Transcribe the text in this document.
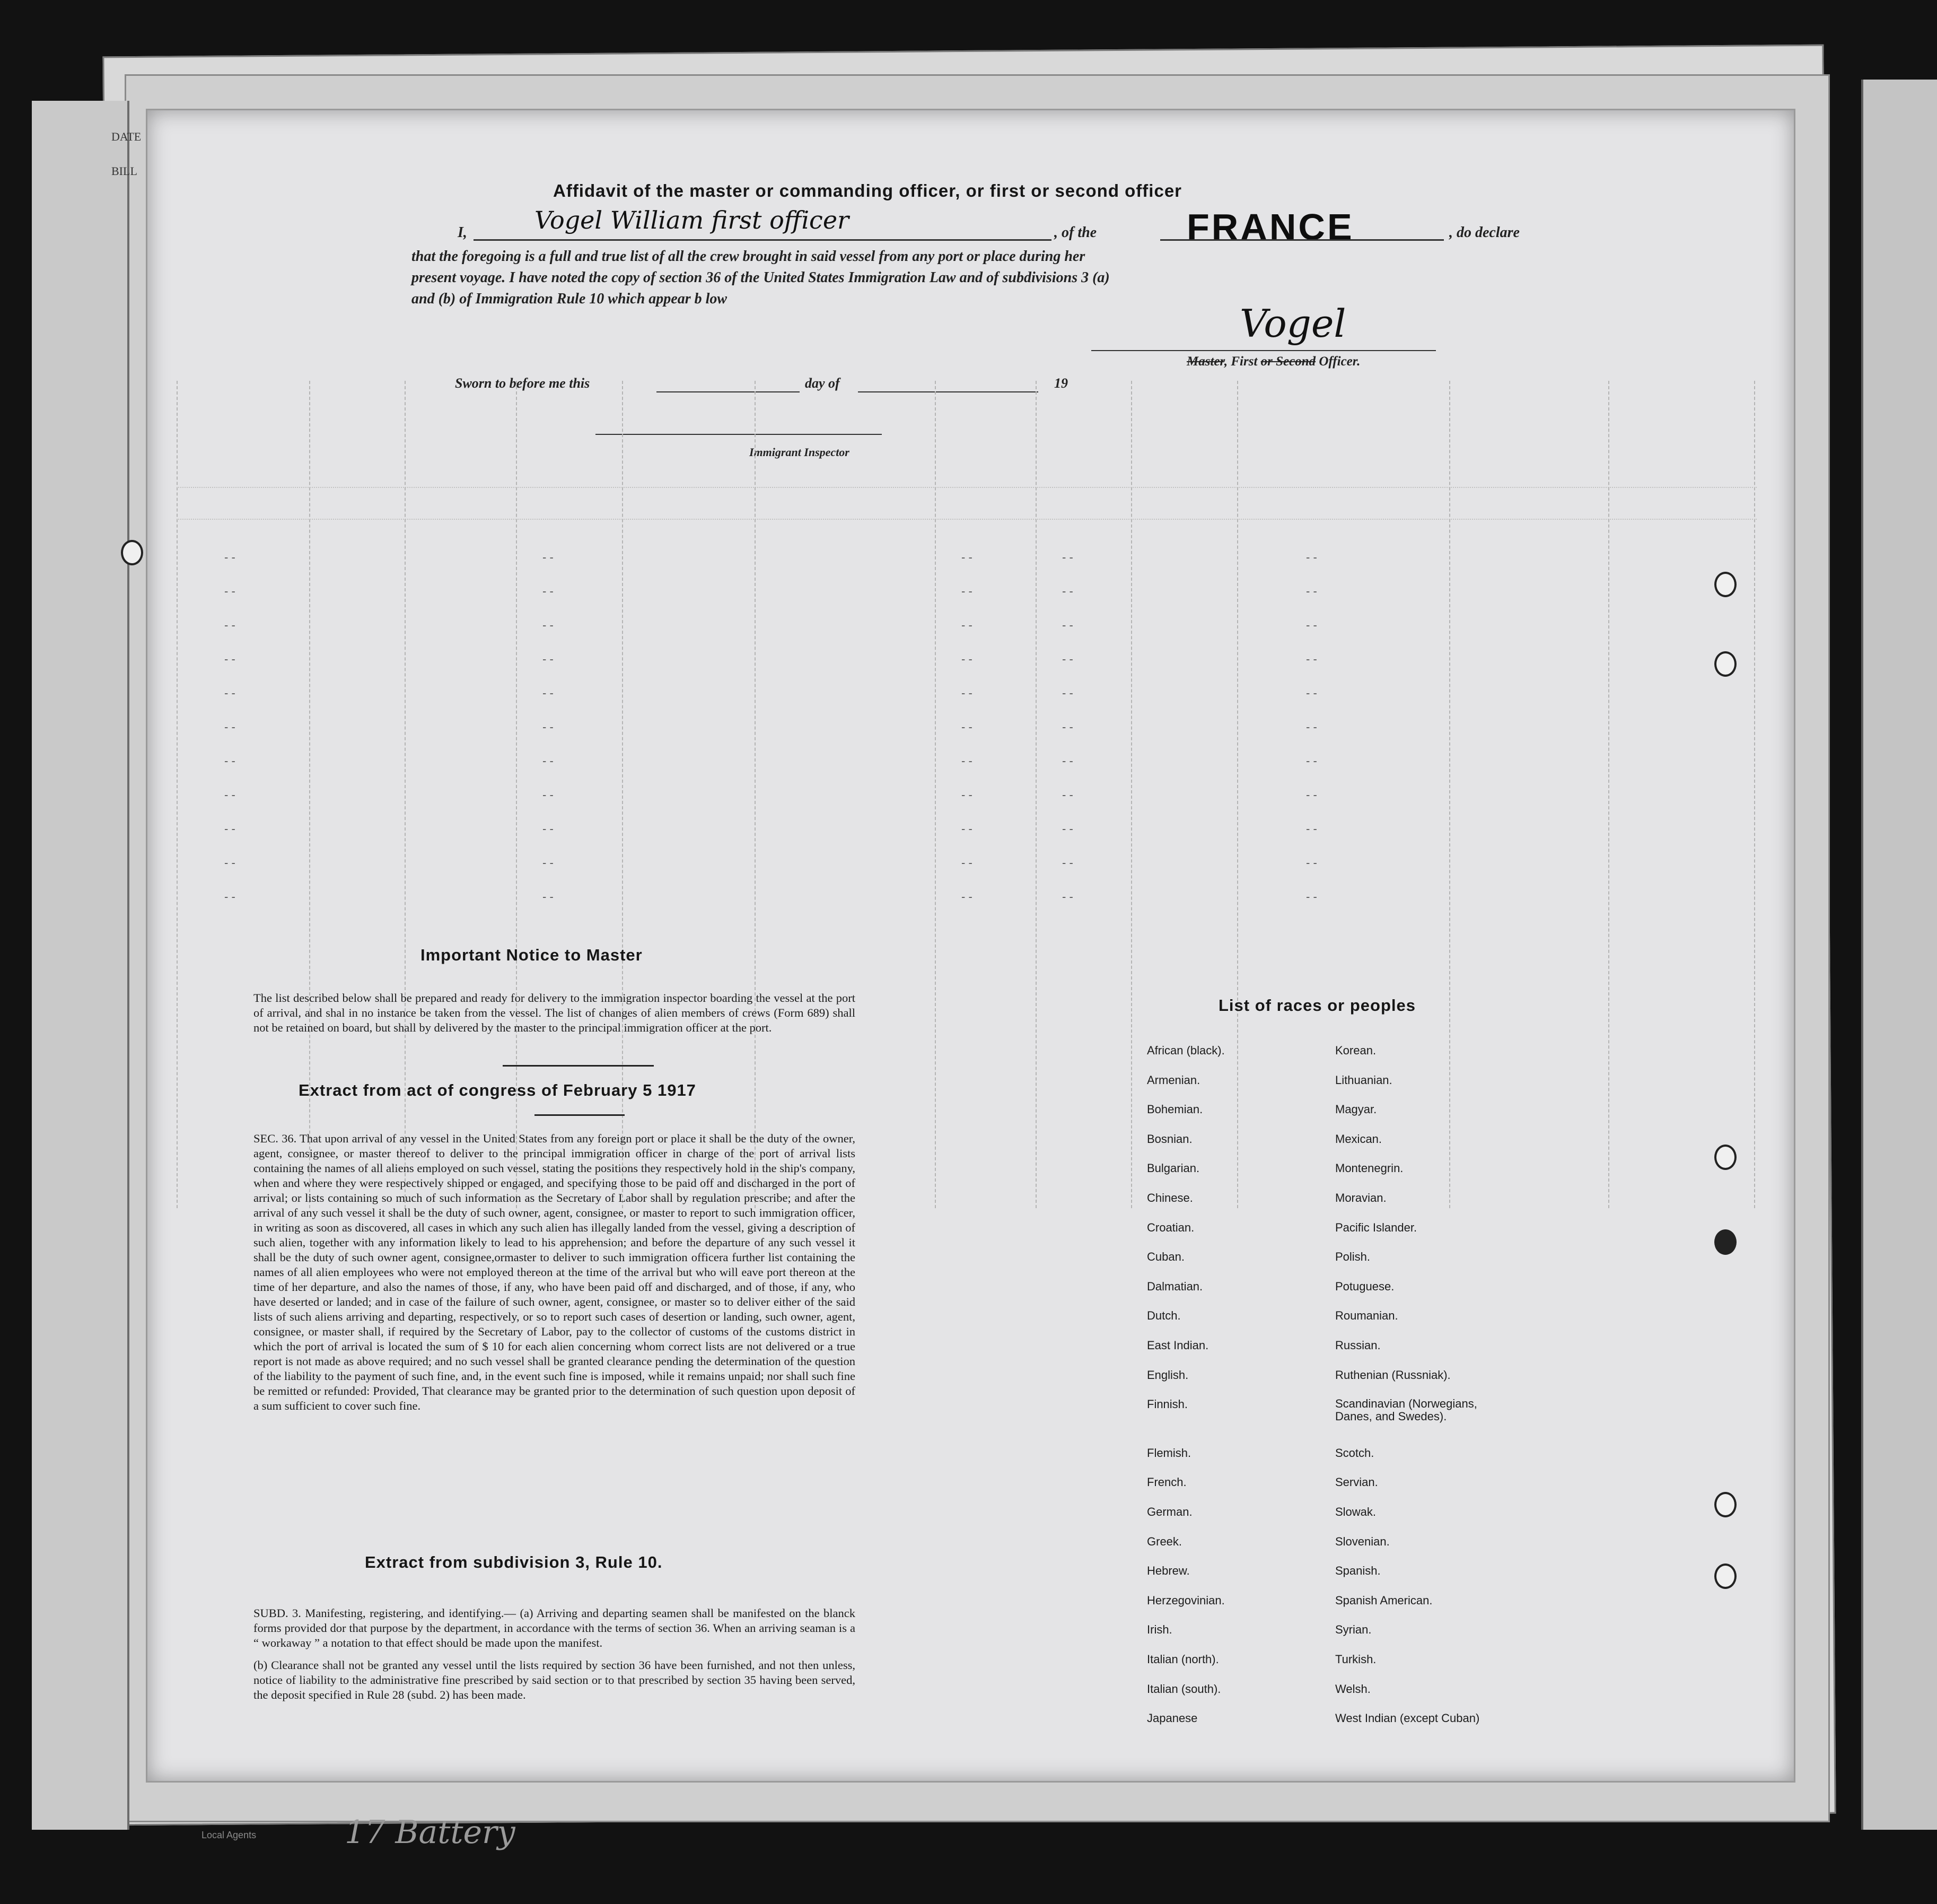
DATE
BILL
Affidavit of the master or commanding officer, or first or second officer
I,	Vogel William first officer	, of the FRANCE	, do declare
that the foregoing is a full and true list of all the crew brought in said vessel from any port or place during her
present voyage. I have noted the copy of section 36 of the United States Immigration Law and of subdivisions 3 (a)
and (b) of Immigration Rule 10 which appear b low
Vogel
Master, First or Second Officer.
Sworn to before me this	day of	19
Immigrant Inspector
- -	- -	- -	- -	- -
- -	- -	- -	- -	- -
- -	- -	- -	- -	- -
- -	- -	- -	- -	- -
- -	- -	- -	- -	- -
- -	- -	- -	- -	- -
- -	- -	- -	- -	- -
- -	- -	- -	- -	- -
- -	- -	- -	- -	- -
- -	- -	- -	- -	- -
- -	- -	- -	- -	- -
Important Notice to Master
The list described below shall be prepared and ready for delivery to the immigration inspector boarding the vessel at the port of arrival, and shal in no instance be taken from the vessel. The list of changes of alien members of crews (Form 689) shall not be retained on board, but shall by delivered by the master to the principal immigration officer at the port.
Extract from act of congress of February 5 1917
SEC. 36. That upon arrival of any vessel in the United States from any foreign port or place it shall be the duty of the owner, agent, consignee, or master thereof to deliver to the principal immigration officer in charge of the port of arrival lists containing the names of all aliens employed on such vessel, stating the positions they respectively hold in the ship's company, when and where they were respectively shipped or engaged, and specifying those to be paid off and discharged in the port of arrival; or lists containing so much of such information as the Secretary of Labor shall by regulation prescribe; and after the arrival of any such vessel it shall be the duty of such owner, agent, consignee, or master to report to such immigration officer, in writing as soon as discovered, all cases in which any such alien has illegally landed from the vessel, giving a description of such alien, together with any information likely to lead to his apprehension; and before the departure of any such vessel it shall be the duty of such owner agent, consignee,ormaster to deliver to such immigration officera further list containing the names of all alien employees who were not employed thereon at the time of the arrival but who will eave port thereon at the time of her departure, and also the names of those, if any, who have been paid off and discharged, and of those, if any, who have deserted or landed; and in case of the failure of such owner, agent, consignee, or master so to deliver either of the said lists of such aliens arriving and departing, respectively, or so to report such cases of desertion or landing, such owner, agent, consignee, or master shall, if required by the Secretary of Labor, pay to the collector of customs of the customs district in which the port of arrival is located the sum of $ 10 for each alien concerning whom correct lists are not delivered or a true report is not made as above required; and no such vessel shall be granted clearance pending the determination of the question of the liability to the payment of such fine, and, in the event such fine is imposed, while it remains unpaid; nor shall such fine be remitted or refunded: Provided, That clearance may be granted prior to the determination of such question upon deposit of a sum sufficient to cover such fine.
Extract from subdivision 3, Rule 10.
SUBD. 3. Manifesting, registering, and identifying.— (a) Arriving and departing seamen shall be manifested on the blanck forms provided dor that purpose by the department, in accordance with the terms of section 36. When an arriving seaman is a “ workaway ” a notation to that effect should be made upon the manifest.
(b) Clearance shall not be granted any vessel until the lists required by section 36 have been furnished, and not then unless, notice of liability to the administrative fine prescribed by said section or to that prescribed by section 35 having been served, the deposit specified in Rule 28 (subd. 2) has been made.
List of races or peoples
African (black).
Armenian.
Bohemian.
Bosnian.
Bulgarian.
Chinese.
Croatian.
Cuban.
Dalmatian.
Dutch.
East Indian.
English.
Finnish.
Flemish.
French.
German.
Greek.
Hebrew.
Herzegovinian.
Irish.
Italian (north).
Italian (south).
Japanese
Korean.
Lithuanian.
Magyar.
Mexican.
Montenegrin.
Moravian.
Pacific Islander.
Polish.
Potuguese.
Roumanian.
Russian.
Ruthenian (Russniak).
Scandinavian (Norwegians, Danes, and Swedes).
Scotch.
Servian.
Slowak.
Slovenian.
Spanish.
Spanish American.
Syrian.
Turkish.
Welsh.
West Indian (except Cuban)
Local Agents	17 Battery
